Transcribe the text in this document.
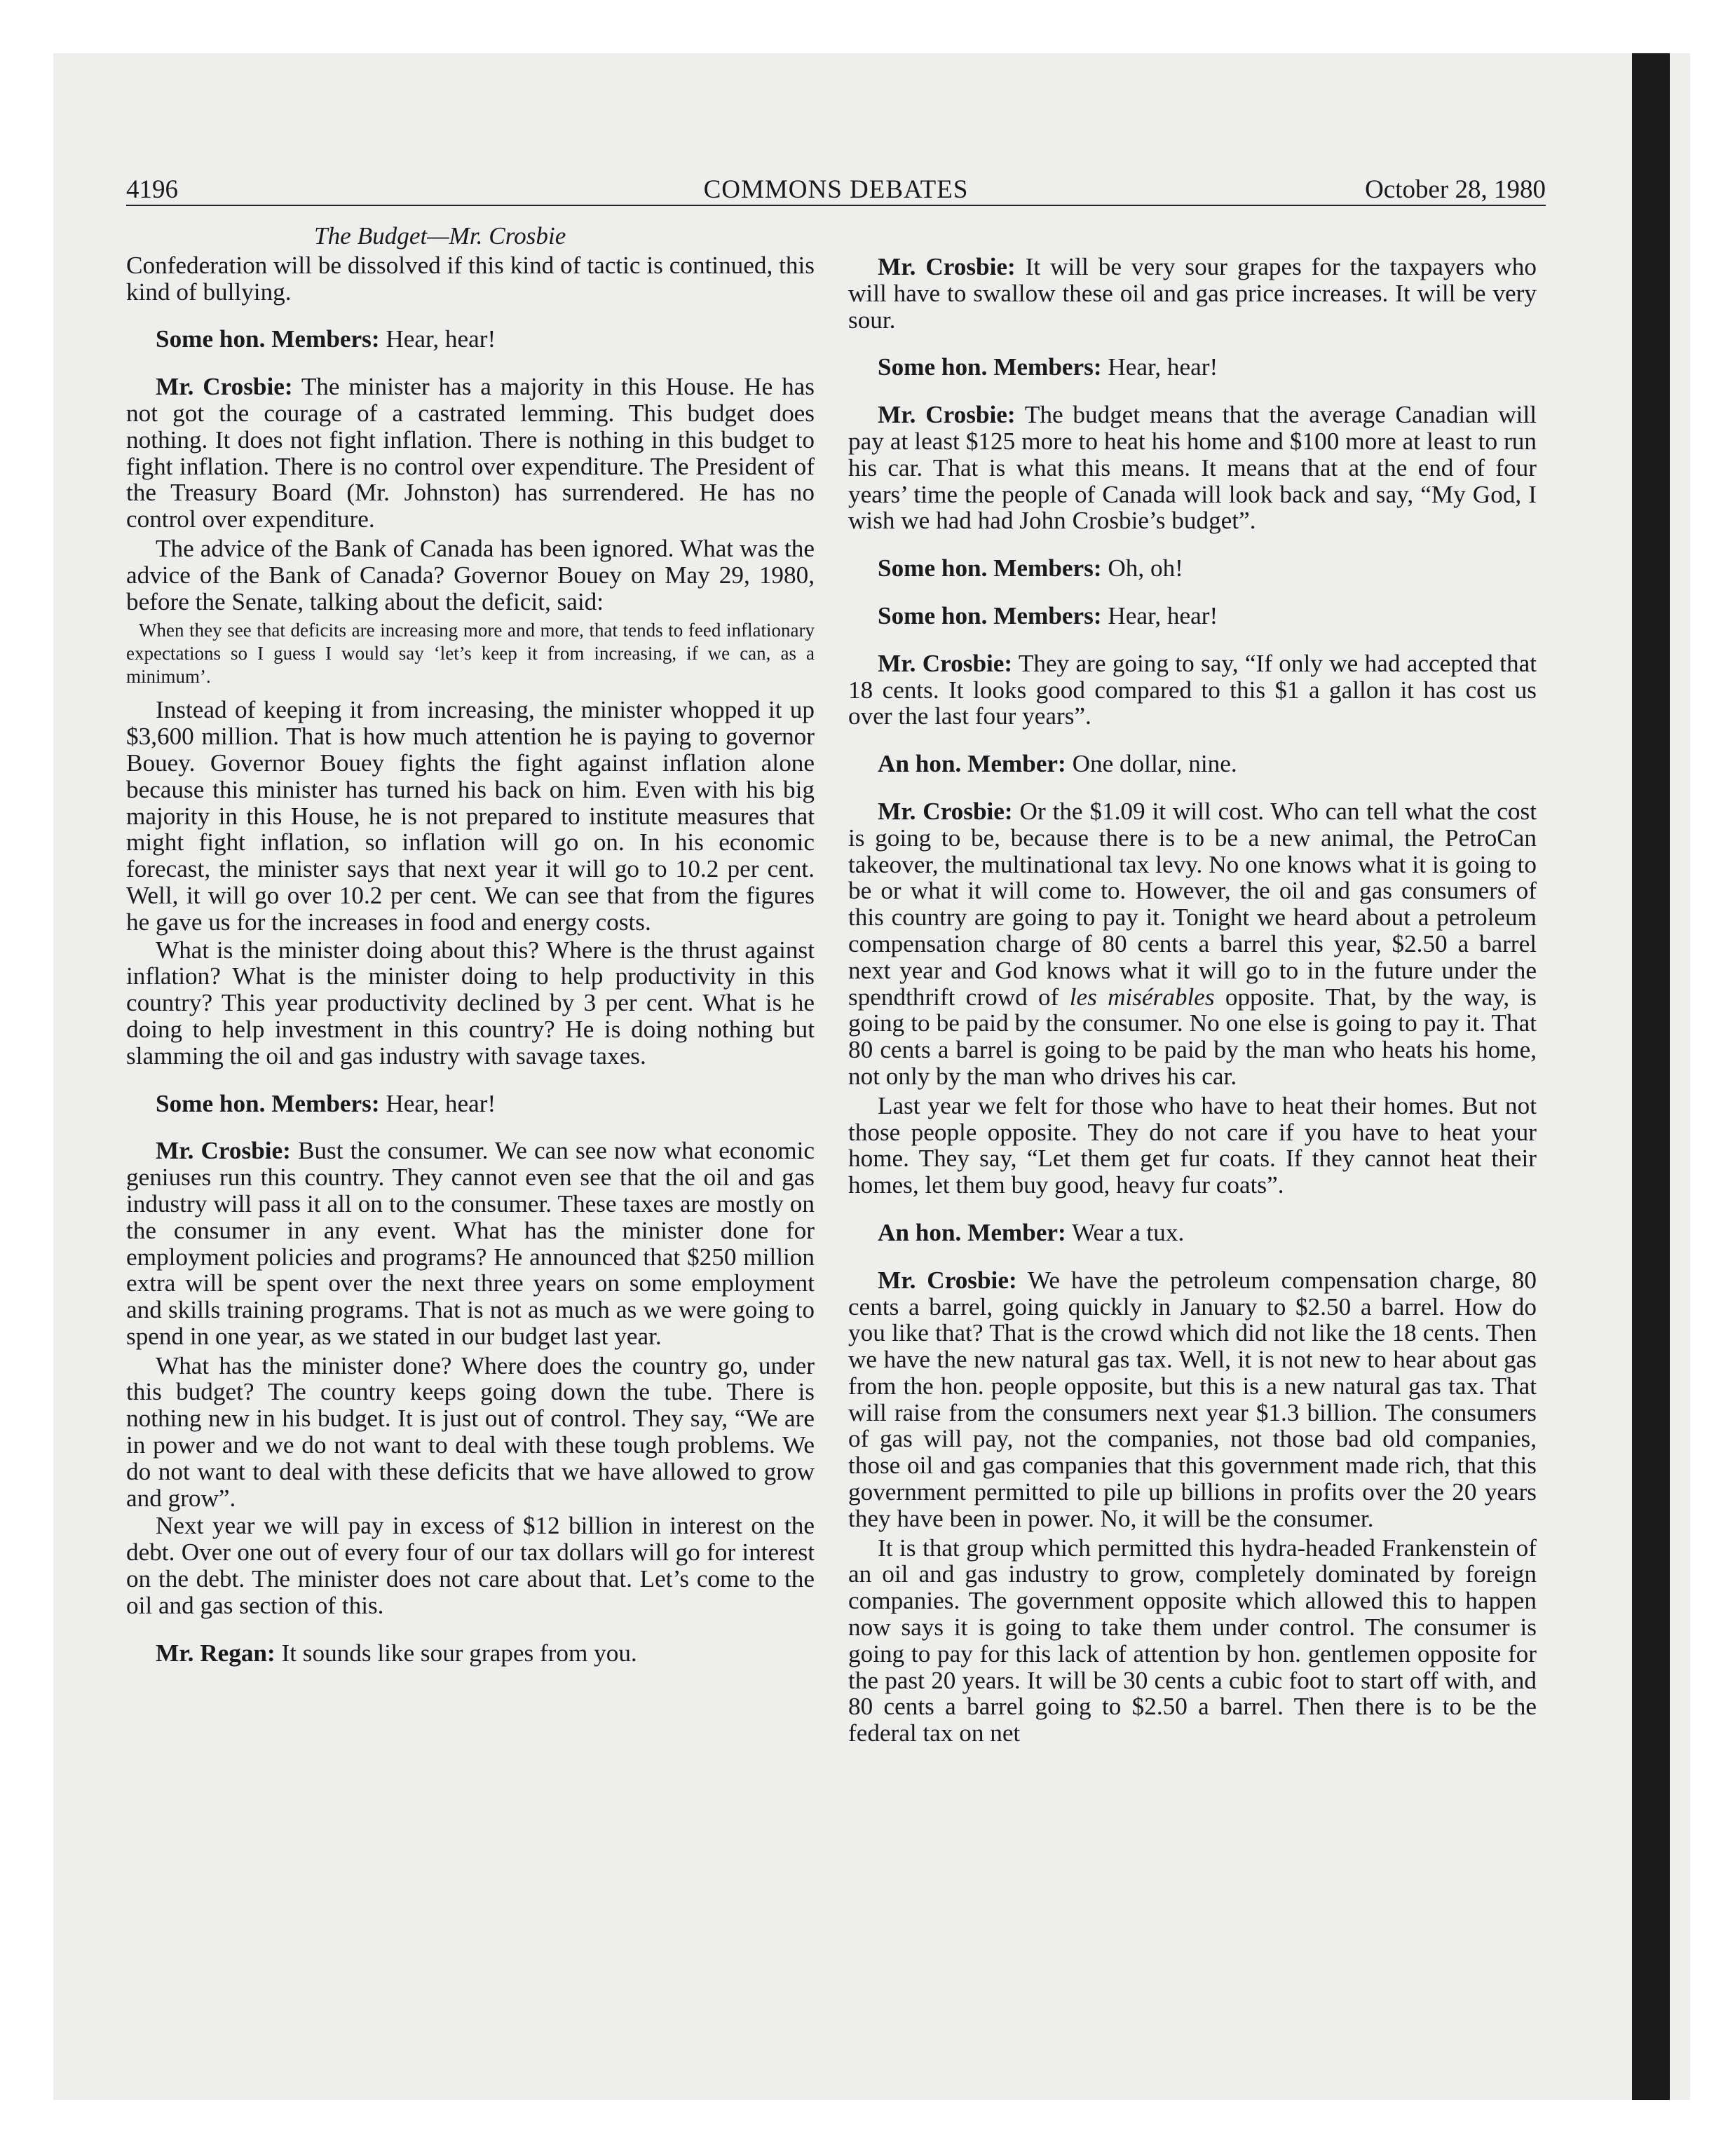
4196	COMMONS DEBATES	October 28, 1980

The Budget—Mr. Crosbie

Confederation will be dissolved if this kind of tactic is continued, this kind of bullying.

Some hon. Members: Hear, hear!

Mr. Crosbie: The minister has a majority in this House. He has not got the courage of a castrated lemming. This budget does nothing. It does not fight inflation. There is nothing in this budget to fight inflation. There is no control over expenditure. The President of the Treasury Board (Mr. Johnston) has surrendered. He has no control over expenditure.

The advice of the Bank of Canada has been ignored. What was the advice of the Bank of Canada? Governor Bouey on May 29, 1980, before the Senate, talking about the deficit, said:

When they see that deficits are increasing more and more, that tends to feed inflationary expectations so I guess I would say ‘let’s keep it from increasing, if we can, as a minimum’.

Instead of keeping it from increasing, the minister whopped it up $3,600 million. That is how much attention he is paying to governor Bouey. Governor Bouey fights the fight against inflation alone because this minister has turned his back on him. Even with his big majority in this House, he is not prepared to institute measures that might fight inflation, so inflation will go on. In his economic forecast, the minister says that next year it will go to 10.2 per cent. Well, it will go over 10.2 per cent. We can see that from the figures he gave us for the increases in food and energy costs.

What is the minister doing about this? Where is the thrust against inflation? What is the minister doing to help productivity in this country? This year productivity declined by 3 per cent. What is he doing to help investment in this country? He is doing nothing but slamming the oil and gas industry with savage taxes.

Some hon. Members: Hear, hear!

Mr. Crosbie: Bust the consumer. We can see now what economic geniuses run this country. They cannot even see that the oil and gas industry will pass it all on to the consumer. These taxes are mostly on the consumer in any event. What has the minister done for employment policies and programs? He announced that $250 million extra will be spent over the next three years on some employment and skills training programs. That is not as much as we were going to spend in one year, as we stated in our budget last year.

What has the minister done? Where does the country go, under this budget? The country keeps going down the tube. There is nothing new in his budget. It is just out of control. They say, “We are in power and we do not want to deal with these tough problems. We do not want to deal with these deficits that we have allowed to grow and grow”.

Next year we will pay in excess of $12 billion in interest on the debt. Over one out of every four of our tax dollars will go for interest on the debt. The minister does not care about that. Let’s come to the oil and gas section of this.

Mr. Regan: It sounds like sour grapes from you.

Mr. Crosbie: It will be very sour grapes for the taxpayers who will have to swallow these oil and gas price increases. It will be very sour.

Some hon. Members: Hear, hear!

Mr. Crosbie: The budget means that the average Canadian will pay at least $125 more to heat his home and $100 more at least to run his car. That is what this means. It means that at the end of four years’ time the people of Canada will look back and say, “My God, I wish we had had John Crosbie’s budget”.

Some hon. Members: Oh, oh!

Some hon. Members: Hear, hear!

Mr. Crosbie: They are going to say, “If only we had accepted that 18 cents. It looks good compared to this $1 a gallon it has cost us over the last four years”.

An hon. Member: One dollar, nine.

Mr. Crosbie: Or the $1.09 it will cost. Who can tell what the cost is going to be, because there is to be a new animal, the PetroCan takeover, the multinational tax levy. No one knows what it is going to be or what it will come to. However, the oil and gas consumers of this country are going to pay it. Tonight we heard about a petroleum compensation charge of 80 cents a barrel this year, $2.50 a barrel next year and God knows what it will go to in the future under the spendthrift crowd of les misérables opposite. That, by the way, is going to be paid by the consumer. No one else is going to pay it. That 80 cents a barrel is going to be paid by the man who heats his home, not only by the man who drives his car.

Last year we felt for those who have to heat their homes. But not those people opposite. They do not care if you have to heat your home. They say, “Let them get fur coats. If they cannot heat their homes, let them buy good, heavy fur coats”.

An hon. Member: Wear a tux.

Mr. Crosbie: We have the petroleum compensation charge, 80 cents a barrel, going quickly in January to $2.50 a barrel. How do you like that? That is the crowd which did not like the 18 cents. Then we have the new natural gas tax. Well, it is not new to hear about gas from the hon. people opposite, but this is a new natural gas tax. That will raise from the consumers next year $1.3 billion. The consumers of gas will pay, not the companies, not those bad old companies, those oil and gas companies that this government made rich, that this government permitted to pile up billions in profits over the 20 years they have been in power. No, it will be the consumer.

It is that group which permitted this hydra-headed Frankenstein of an oil and gas industry to grow, completely dominated by foreign companies. The government opposite which allowed this to happen now says it is going to take them under control. The consumer is going to pay for this lack of attention by hon. gentlemen opposite for the past 20 years. It will be 30 cents a cubic foot to start off with, and 80 cents a barrel going to $2.50 a barrel. Then there is to be the federal tax on net
